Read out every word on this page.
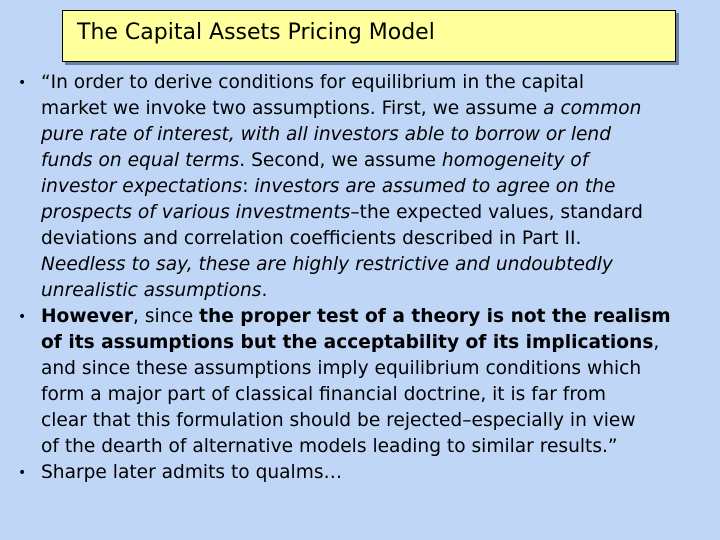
The Capital Assets Pricing Model
• “In order to derive conditions for equilibrium in the capital
market we invoke two assumptions. First, we assume a common
pure rate of interest, with all investors able to borrow or lend
funds on equal terms. Second, we assume homogeneity of
investor expectations: investors are assumed to agree on the
prospects of various investments–the expected values, standard
deviations and correlation coefficients described in Part II.
Needless to say, these are highly restrictive and undoubtedly
unrealistic assumptions.
• However, since the proper test of a theory is not the realism
of its assumptions but the acceptability of its implications,
and since these assumptions imply equilibrium conditions which
form a major part of classical financial doctrine, it is far from
clear that this formulation should be rejected–especially in view
of the dearth of alternative models leading to similar results.”
• Sharpe later admits to qualms…
